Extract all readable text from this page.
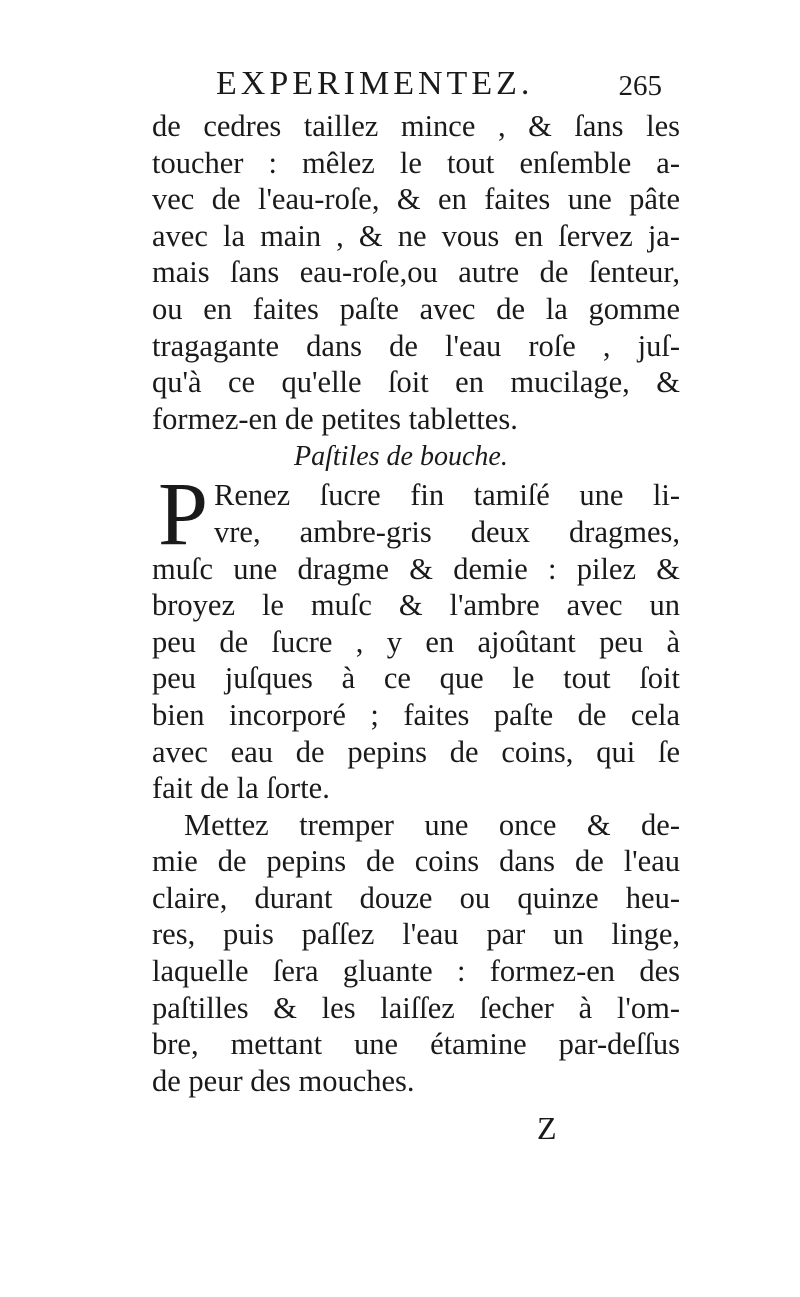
EXPERIMENTEZ.	265
de cedres taillez mince , & ſans les
toucher : mêlez le tout enſemble a-
vec de l'eau-roſe, & en faites une pâte
avec la main , & ne vous en ſervez ja-
mais ſans eau-roſe,ou autre de ſenteur,
ou en faites paſte avec de la gomme
tragagante dans de l'eau roſe , juſ-
qu'à ce qu'elle ſoit en mucilage, &
formez-en de petites tablettes.
Paſtiles de bouche.
P Renez ſucre fin tamiſé une li-
vre, ambre-gris deux dragmes,
muſc une dragme & demie : pilez &
broyez le muſc & l'ambre avec un
peu de ſucre , y en ajoûtant peu à
peu juſques à ce que le tout ſoit
bien incorporé ; faites paſte de cela
avec eau de pepins de coins, qui ſe
fait de la ſorte.
Mettez tremper une once & de-
mie de pepins de coins dans de l'eau
claire, durant douze ou quinze heu-
res, puis paſſez l'eau par un linge,
laquelle ſera gluante : formez-en des
paſtilles & les laiſſez ſecher à l'om-
bre, mettant une étamine par-deſſus
de peur des mouches.
Z
